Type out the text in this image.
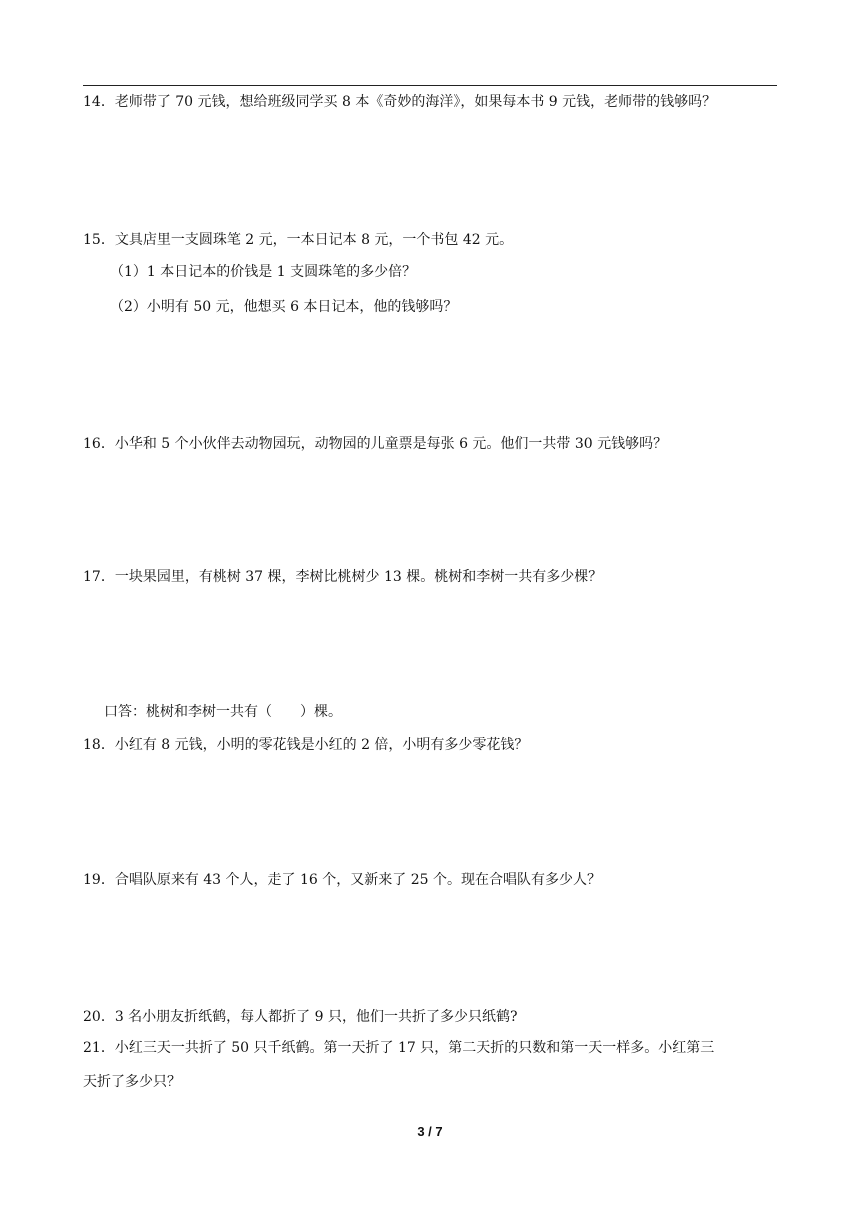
14．老师带了 70 元钱，想给班级同学买 8 本《奇妙的海洋》，如果每本书 9 元钱，老师带的钱够吗？
15．文具店里一支圆珠笔 2 元，一本日记本 8 元，一个书包 42 元。
（1）1 本日记本的价钱是 1 支圆珠笔的多少倍？
（2）小明有 50 元，他想买 6 本日记本，他的钱够吗？
16．小华和 5 个小伙伴去动物园玩，动物园的儿童票是每张 6 元。他们一共带 30 元钱够吗？
17．一块果园里，有桃树 37 棵，李树比桃树少 13 棵。桃树和李树一共有多少棵？
口答：桃树和李树一共有（　　）棵。
18．小红有 8 元钱，小明的零花钱是小红的 2 倍，小明有多少零花钱？
19．合唱队原来有 43 个人，走了 16 个，又新来了 25 个。现在合唱队有多少人？
20．3 名小朋友折纸鹤，每人都折了 9 只，他们一共折了多少只纸鹤?
21．小红三天一共折了 50 只千纸鹤。第一天折了 17 只，第二天折的只数和第一天一样多。小红第三
天折了多少只？
3 / 7
